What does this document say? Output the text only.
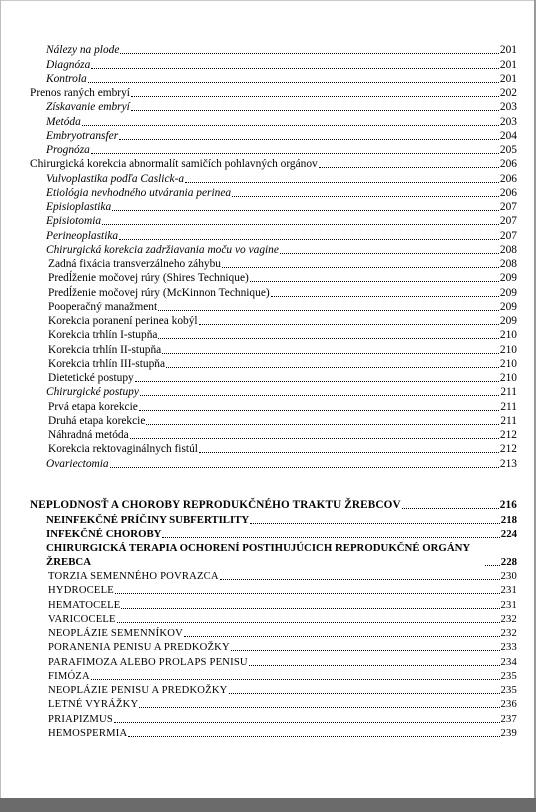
Nálezy na plode	201
Diagnóza	201
Kontrola	201
Prenos raných embryí	202
Získavanie embryí	203
Metóda	203
Embryotransfer	204
Prognóza	205
Chirurgická korekcia abnormalít samičích pohlavných orgánov	206
Vulvoplastika podľa Caslick-a	206
Etiológia nevhodného utvárania perinea	206
Episioplastika	207
Episiotomia	207
Perineoplastika	207
Chirurgická korekcia zadržiavania moču vo vagine	208
Zadná fixácia transverzálneho záhybu	208
Predĺženie močovej rúry (Shires Technique)	209
Predĺženie močovej rúry (McKinnon Technique)	209
Pooperačný manažment	209
Korekcia poranení perinea kobýl	209
Korekcia trhlín I-stupňa	210
Korekcia trhlín II-stupňa	210
Korekcia trhlín III-stupňa	210
Dietetické postupy	210
Chirurgické postupy	211
Prvá etapa korekcie	211
Druhá etapa korekcie	211
Náhradná metóda	212
Korekcia rektovaginálnych fistúl	212
Ovariectomia	213
NEPLODNOSŤ A CHOROBY REPRODUKČNÉHO TRAKTU ŽREBCOV	216
NEINFEKČNÉ PRÍČINY SUBFERTILITY	218
INFEKČNÉ CHOROBY	224
CHIRURGICKÁ TERAPIA OCHORENÍ POSTIHUJÚCICH REPRODUKČNÉ ORGÁNY ŽREBCA	228
TORZIA SEMENNÉHO POVRAZCA	230
HYDROCELE	231
HEMATOCELE	231
VARICOCELE	232
NEOPLÁZIE SEMENNÍKOV	232
PORANENIA PENISU A PREDKOŽKY	233
PARAFIMOZA ALEBO PROLAPS PENISU	234
FIMÓZA	235
NEOPLÁZIE PENISU A PREDKOŽKY	235
LETNÉ VYRÁŽKY	236
PRIAPIZMUS	237
HEMOSPERMIA	239
